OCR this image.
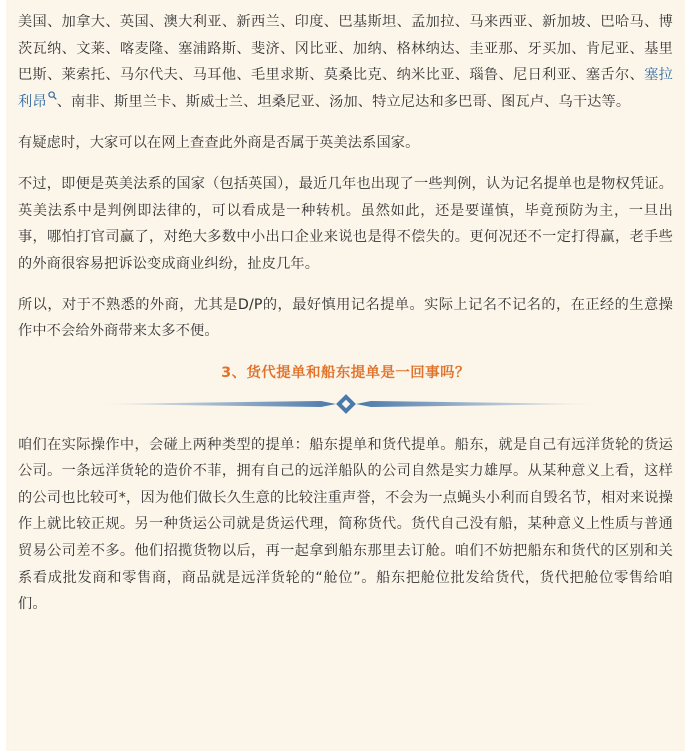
美国、加拿大、英国、澳大利亚、新西兰、印度、巴基斯坦、孟加拉、马来西亚、新加坡、巴哈马、博茨瓦纳、文莱、喀麦隆、塞浦路斯、斐济、冈比亚、加纳、格林纳达、圭亚那、牙买加、肯尼亚、基里巴斯、莱索托、马尔代夫、马耳他、毛里求斯、莫桑比克、纳米比亚、瑙鲁、尼日利亚、塞舌尔、塞拉利昂 、南非、斯里兰卡、斯威士兰、坦桑尼亚、汤加、特立尼达和多巴哥、图瓦卢、乌干达等。

有疑虑时，大家可以在网上查查此外商是否属于英美法系国家。

不过，即便是英美法系的国家（包括英国），最近几年也出现了一些判例，认为记名提单也是物权凭证。英美法系中是判例即法律的，可以看成是一种转机。虽然如此，还是要谨慎，毕竟预防为主，一旦出事，哪怕打官司赢了，对绝大多数中小出口企业来说也是得不偿失的。更何况还不一定打得赢，老手些的外商很容易把诉讼变成商业纠纷，扯皮几年。

所以，对于不熟悉的外商，尤其是D/P的，最好慎用记名提单。实际上记名不记名的，在正经的生意操作中不会给外商带来太多不便。

3、货代提单和船东提单是一回事吗？

咱们在实际操作中，会碰上两种类型的提单：船东提单和货代提单。船东，就是自己有远洋货轮的货运公司。一条远洋货轮的造价不菲，拥有自己的远洋船队的公司自然是实力雄厚。从某种意义上看，这样的公司也比较可*，因为他们做长久生意的比较注重声誉，不会为一点蝇头小利而自毁名节，相对来说操作上就比较正规。另一种货运公司就是货运代理，简称货代。货代自己没有船，某种意义上性质与普通贸易公司差不多。他们招揽货物以后，再一起拿到船东那里去订舱。咱们不妨把船东和货代的区别和关系看成批发商和零售商，商品就是远洋货轮的“舱位”。船东把舱位批发给货代，货代把舱位零售给咱们。
